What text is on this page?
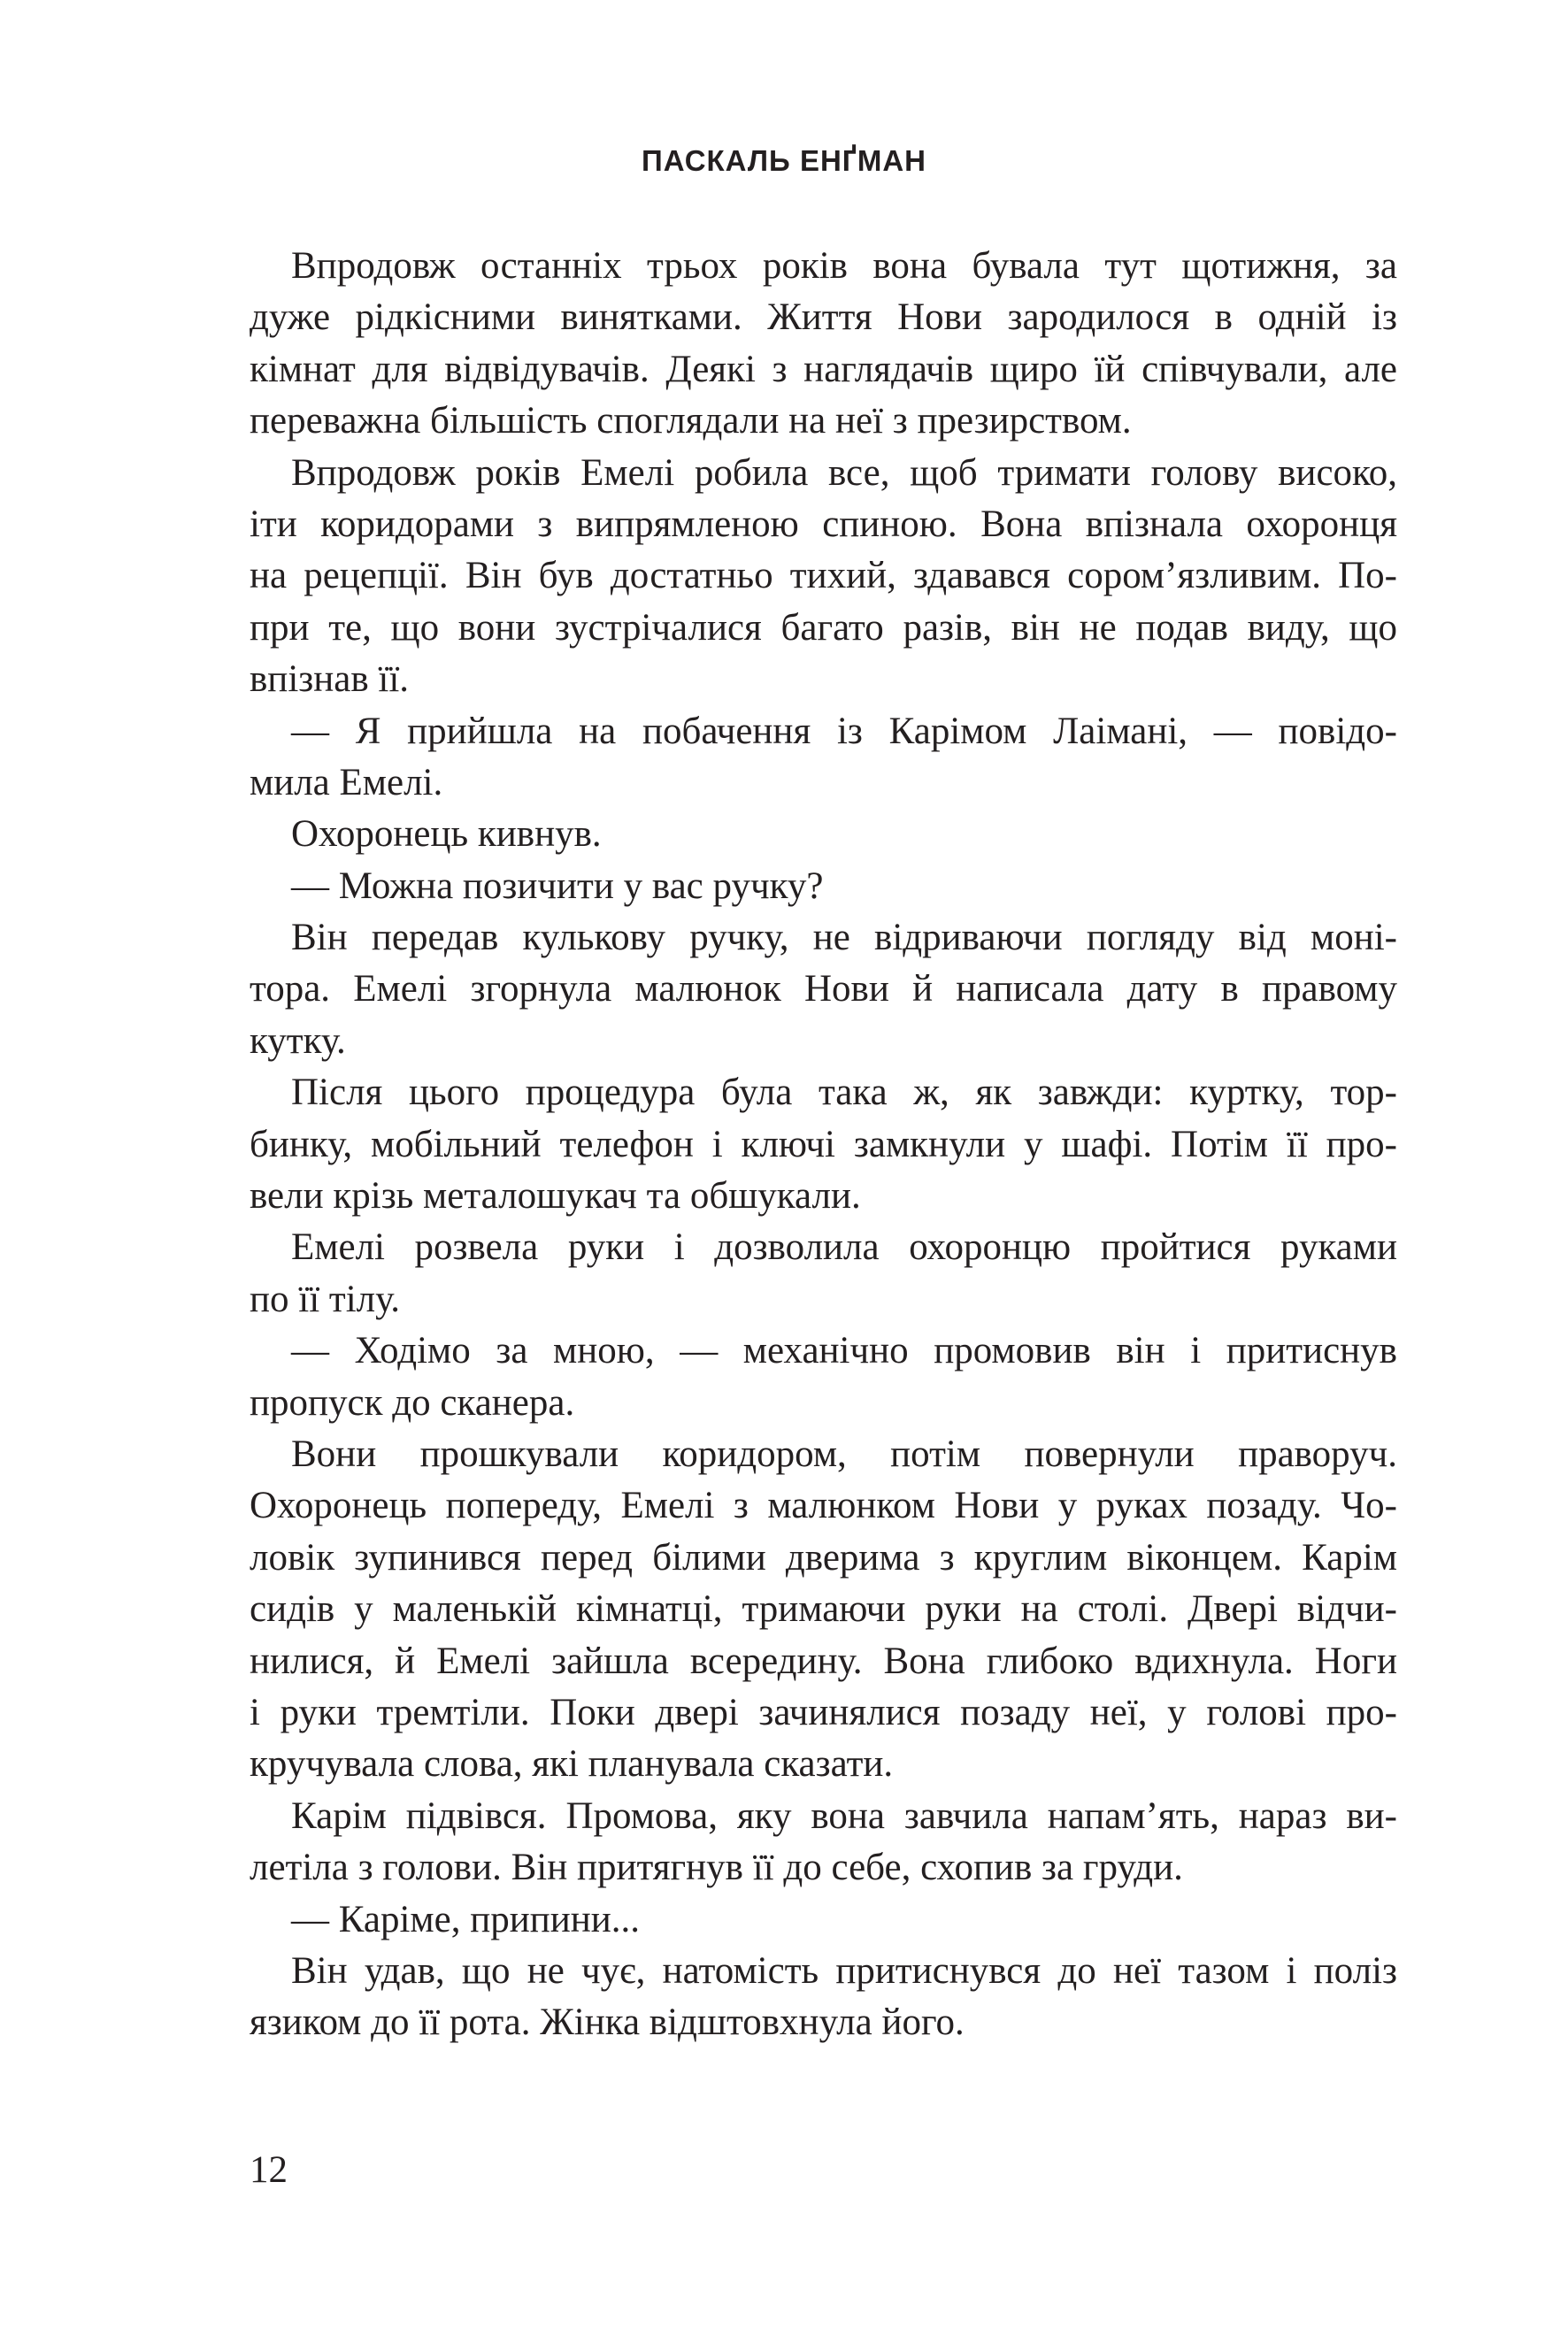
ПАСКАЛЬ ЕНҐМАН
Впродовж останніх трьох років вона бувала тут щотижня, за
дуже рідкісними винятками. Життя Нови зародилося в одній із
кімнат для відвідувачів. Деякі з наглядачів щиро їй співчували, але
переважна більшість споглядали на неї з презирством.
Впродовж років Емелі робила все, щоб тримати голову високо,
іти коридорами з випрямленою спиною. Вона впізнала охоронця
на рецепції. Він був достатньо тихий, здавався сором’язливим. По-
при те, що вони зустрічалися багато разів, він не подав виду, що
впізнав її.
— Я прийшла на побачення із Карімом Лаімані, — повідо-
мила Емелі.
Охоронець кивнув.
— Можна позичити у вас ручку?
Він передав кулькову ручку, не відриваючи погляду від моні-
тора. Емелі згорнула малюнок Нови й написала дату в правому
кутку.
Після цього процедура була така ж, як завжди: куртку, тор-
бинку, мобільний телефон і ключі замкнули у шафі. Потім її про-
вели крізь металошукач та обшукали.
Емелі розвела руки і дозволила охоронцю пройтися руками
по її тілу.
— Ходімо за мною, — механічно промовив він і притиснув
пропуск до сканера.
Вони прошкували коридором, потім повернули праворуч.
Охоронець попереду, Емелі з малюнком Нови у руках позаду. Чо-
ловік зупинився перед білими дверима з круглим віконцем. Карім
сидів у маленькій кімнатці, тримаючи руки на столі. Двері відчи-
нилися, й Емелі зайшла всередину. Вона глибоко вдихнула. Ноги
і руки тремтіли. Поки двері зачинялися позаду неї, у голові про-
кручувала слова, які планувала сказати.
Карім підвівся. Промова, яку вона завчила напам’ять, нараз ви-
летіла з голови. Він притягнув її до себе, схопив за груди.
— Каріме, припини...
Він удав, що не чує, натомість притиснувся до неї тазом і поліз
язиком до її рота. Жінка відштовхнула його.
12
